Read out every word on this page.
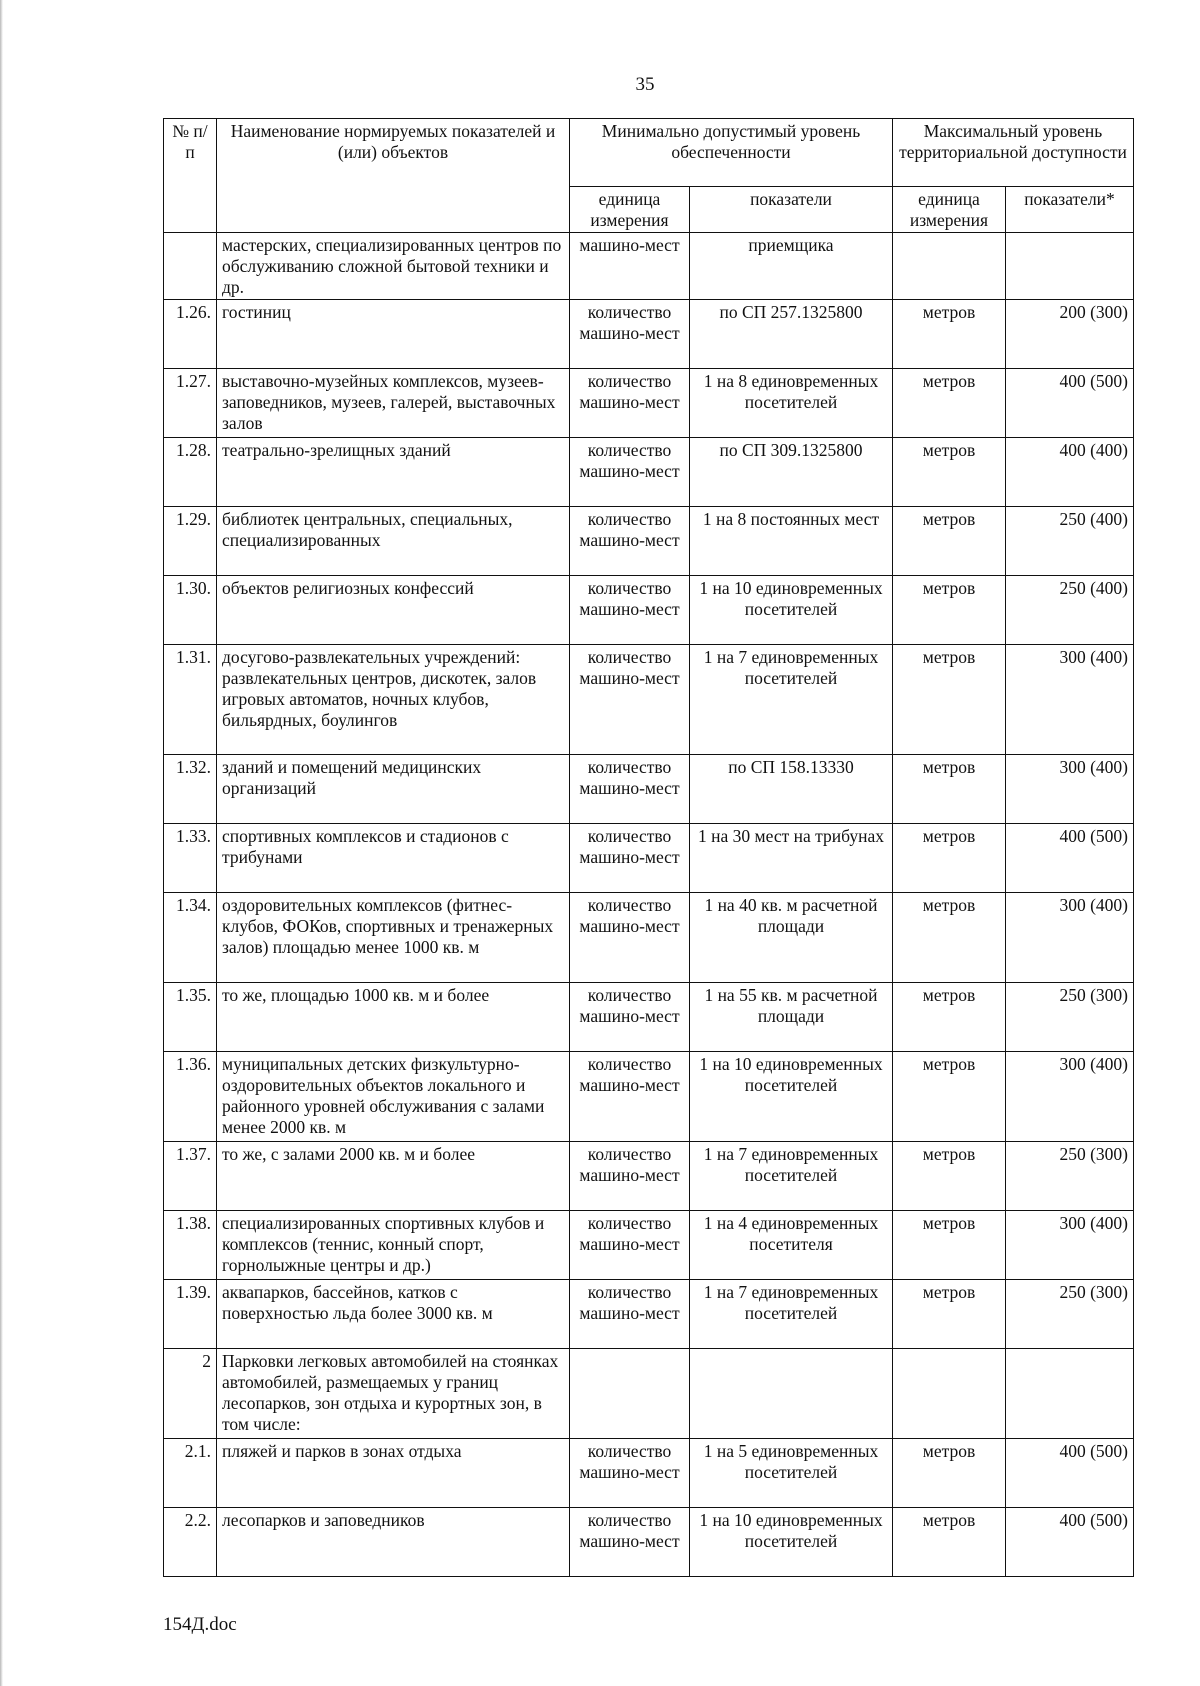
35
№ п/п	Наименование нормируемых показателей и (или) объектов	Минимально допустимый уровень обеспеченности		Максимальный уровень территориальной доступности	
		единица измерения	показатели	единица измерения	показатели*
	мастерских, специализированных центров по обслуживанию сложной бытовой техники и др.	машино-мест	приемщика		
1.26.	гостиниц	количество машино-мест	по СП 257.1325800	метров	200 (300)
1.27.	выставочно-музейных комплексов, музеев-заповедников, музеев, галерей, выставочных залов	количество машино-мест	1 на 8 единовременных посетителей	метров	400 (500)
1.28.	театрально-зрелищных зданий	количество машино-мест	по СП 309.1325800	метров	400 (400)
1.29.	библиотек центральных, специальных, специализированных	количество машино-мест	1 на 8 постоянных мест	метров	250 (400)
1.30.	объектов религиозных конфессий	количество машино-мест	1 на 10 единовременных посетителей	метров	250 (400)
1.31.	досугово-развлекательных учреждений: развлекательных центров, дискотек, залов игровых автоматов, ночных клубов, бильярдных, боулингов	количество машино-мест	1 на 7 единовременных посетителей	метров	300 (400)
1.32.	зданий и помещений медицинских организаций	количество машино-мест	по СП 158.13330	метров	300 (400)
1.33.	спортивных комплексов и стадионов с трибунами	количество машино-мест	1 на 30 мест на трибунах	метров	400 (500)
1.34.	оздоровительных комплексов (фитнес-клубов, ФОКов, спортивных и тренажерных залов) площадью менее 1000 кв. м	количество машино-мест	1 на 40 кв. м расчетной площади	метров	300 (400)
1.35.	то же, площадью 1000 кв. м и более	количество машино-мест	1 на 55 кв. м расчетной площади	метров	250 (300)
1.36.	муниципальных детских физкультурно-оздоровительных объектов локального и районного уровней обслуживания с залами менее 2000 кв. м	количество машино-мест	1 на 10 единовременных посетителей	метров	300 (400)
1.37.	то же, с залами 2000 кв. м и более	количество машино-мест	1 на 7 единовременных посетителей	метров	250 (300)
1.38.	специализированных спортивных клубов и комплексов (теннис, конный спорт, горнолыжные центры и др.)	количество машино-мест	1 на 4 единовременных посетителя	метров	300 (400)
1.39.	аквапарков, бассейнов, катков с поверхностью льда более 3000 кв. м	количество машино-мест	1 на 7 единовременных посетителей	метров	250 (300)
2	Парковки легковых автомобилей на стоянках автомобилей, размещаемых у границ лесопарков, зон отдыха и курортных зон, в том числе:				
2.1.	пляжей и парков в зонах отдыха	количество машино-мест	1 на 5 единовременных посетителей	метров	400 (500)
2.2.	лесопарков и заповедников	количество машино-мест	1 на 10 единовременных посетителей	метров	400 (500)
154Д.doc
